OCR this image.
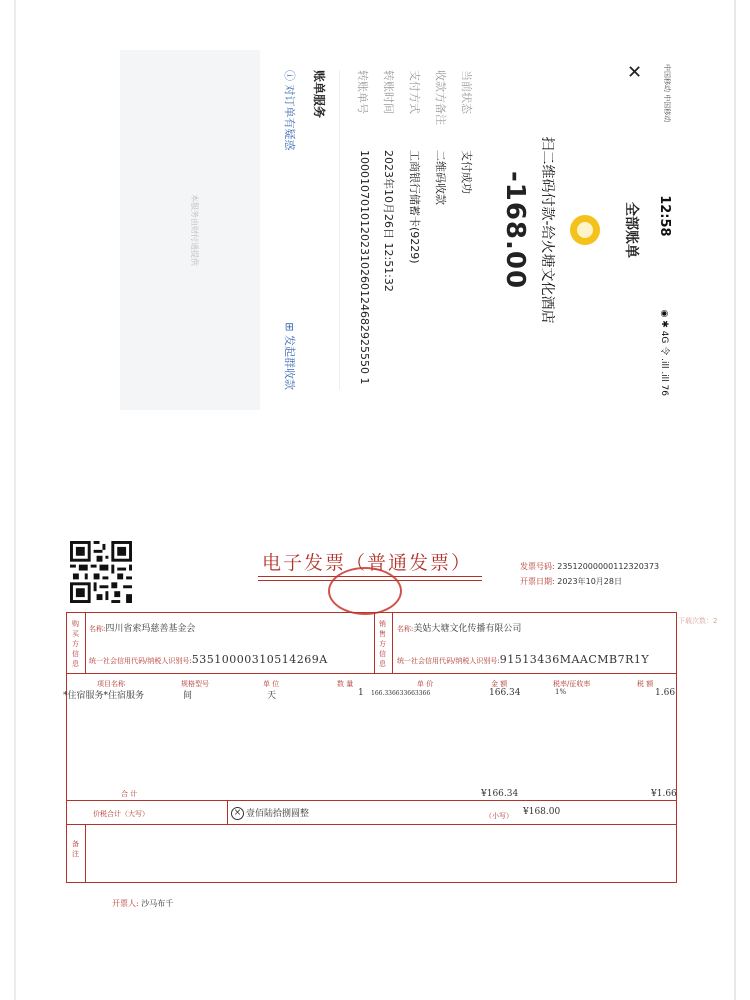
中国移动 中国移动
12:58
◉ ✱ 4G 令 .ill .ill 76
✕
全部账单
扫二维码付款-给火塘文化酒店
-168.00
当前状态
支付成功
收款方备注
二维码收款
支付方式
工商银行储蓄卡(9229)
转账时间
2023年10月26日 12:51:32
转账单号
10001070101202310260124682925550 1
账单服务
ⓘ 对订单有疑惑
⊞ 发起群收款
本服务由财付通提供
电子发票（普通发票）	发票号码: 23512000000112320373
开票日期: 2023年10月28日
购买方信息
名称:四川省索玛慈善基金会
统一社会信用代码/纳税人识别号:53510000310514269A
销售方信息
名称:美姑大塘文化传播有限公司
统一社会信用代码/纳税人识别号:91513436MAACMB7R1Y
项目名称	规格型号	单 位	数 量	单 价	金 额	税率/征收率	税 额
*住宿服务*住宿服务	间	天	1 166.336633663366	166.34	1%	1.66
合 计	¥166.34	¥1.66
价税合计（大写）	× 壹佰陆拾捌圆整	（小写） ¥168.00
备注
下载次数：2
开票人: 沙马布千
